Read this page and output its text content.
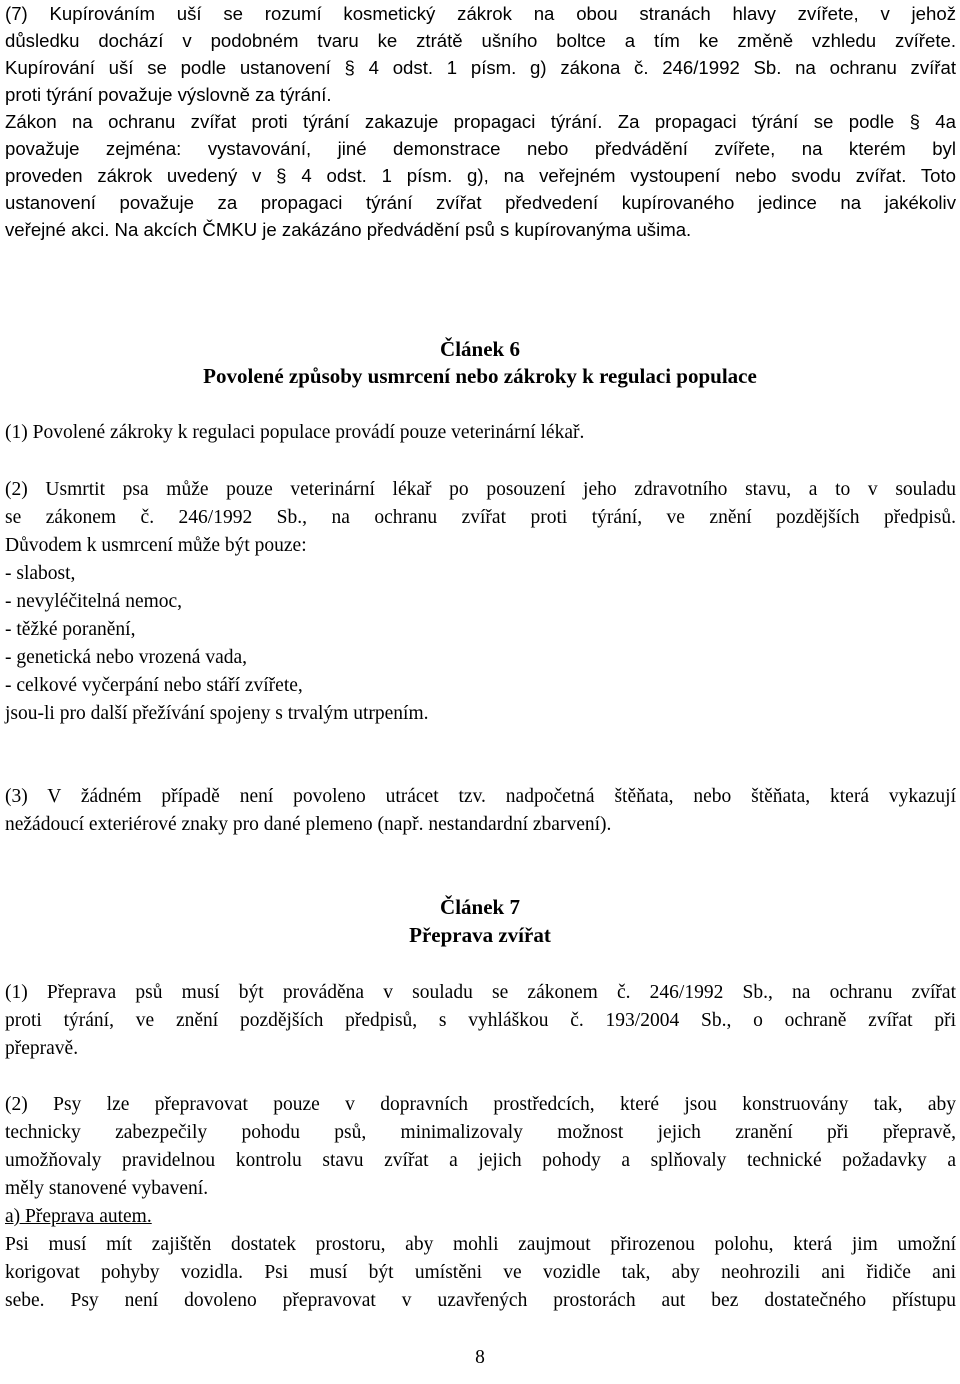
(7) Kupírováním uší se rozumí kosmetický zákrok na obou stranách hlavy zvířete, v jehož
důsledku dochází v podobném tvaru ke ztrátě ušního boltce a tím ke změně vzhledu zvířete.
Kupírování uší se podle ustanovení § 4 odst. 1 písm. g) zákona č. 246/1992 Sb. na ochranu zvířat
proti týrání považuje výslovně za týrání.
Zákon na ochranu zvířat proti týrání zakazuje propagaci týrání. Za propagaci týrání se podle § 4a
považuje zejména: vystavování, jiné demonstrace nebo předvádění zvířete, na kterém byl
proveden zákrok uvedený v § 4 odst. 1 písm. g), na veřejném vystoupení nebo svodu zvířat. Toto
ustanovení považuje za propagaci týrání zvířat předvedení kupírovaného jedince na jakékoliv
veřejné akci. Na akcích ČMKU je zakázáno předvádění psů s kupírovanýma ušima.
Článek 6
Povolené způsoby usmrcení nebo zákroky k regulaci populace
(1) Povolené zákroky k regulaci populace provádí pouze veterinární lékař.
(2) Usmrtit psa může pouze veterinární lékař po posouzení jeho zdravotního stavu, a to v souladu
se zákonem č. 246/1992 Sb., na ochranu zvířat proti týrání, ve znění pozdějších předpisů.
Důvodem k usmrcení může být pouze:
- slabost,
- nevyléčitelná nemoc,
- těžké poranění,
- genetická nebo vrozená vada,
- celkové vyčerpání nebo stáří zvířete,
jsou-li pro další přežívání spojeny s trvalým utrpením.
(3) V žádném případě není povoleno utrácet tzv. nadpočetná štěňata, nebo štěňata, která vykazují
nežádoucí exteriérové znaky pro dané plemeno (např. nestandardní zbarvení).
Článek 7
Přeprava zvířat
(1) Přeprava psů musí být prováděna v souladu se zákonem č. 246/1992 Sb., na ochranu zvířat
proti týrání, ve znění pozdějších předpisů, s vyhláškou č. 193/2004 Sb., o ochraně zvířat při
přepravě.
(2) Psy lze přepravovat pouze v dopravních prostředcích, které jsou konstruovány tak, aby
technicky zabezpečily pohodu psů, minimalizovaly možnost jejich zranění při přepravě,
umožňovaly pravidelnou kontrolu stavu zvířat a jejich pohody a splňovaly technické požadavky a
měly stanovené vybavení.
a) Přeprava autem.
Psi musí mít zajištěn dostatek prostoru, aby mohli zaujmout přirozenou polohu, která jim umožní
korigovat pohyby vozidla. Psi musí být umístěni ve vozidle tak, aby neohrozili ani řidiče ani
sebe. Psy není dovoleno přepravovat v uzavřených prostorách aut bez dostatečného přístupu
8
